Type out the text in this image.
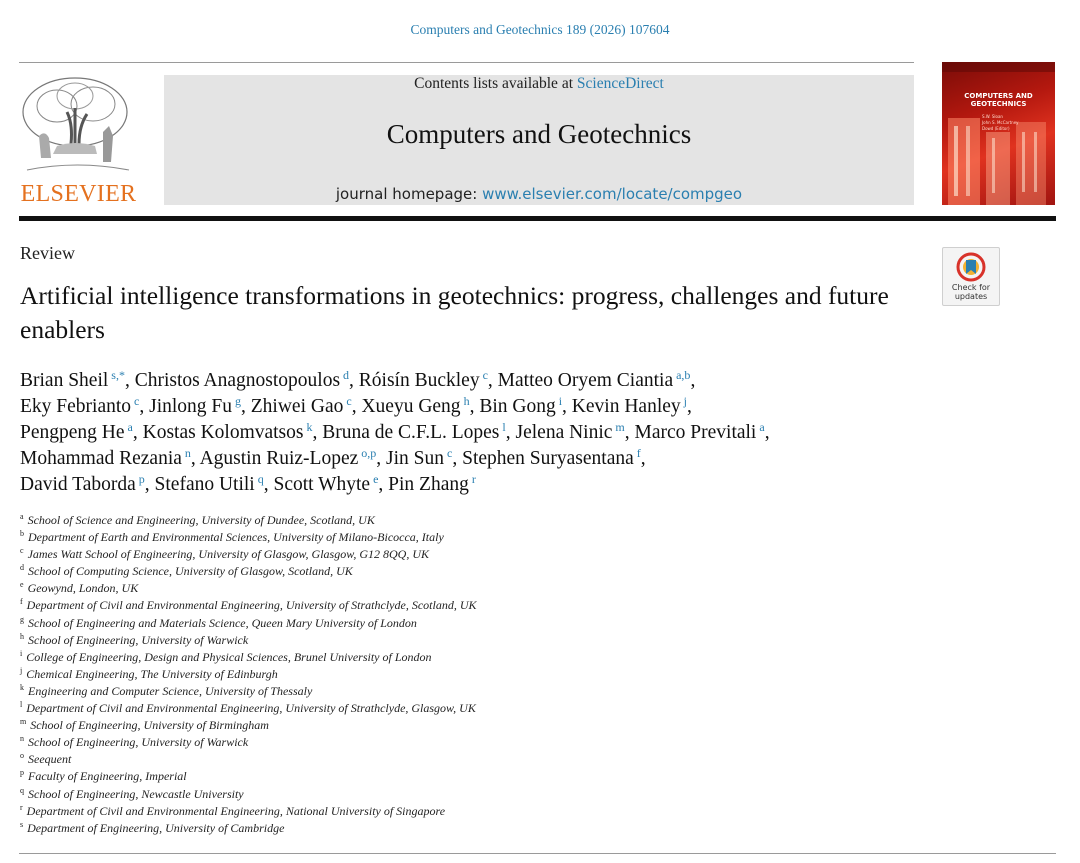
Computers and Geotechnics 189 (2026) 107604
ELSEVIER
Contents lists available at ScienceDirect
Computers and Geotechnics
journal homepage: www.elsevier.com/locate/compgeo
COMPUTERS AND GEOTECHNICS
S.W. Sloan
John S. McCartney
Dowd (Editor)
Review
Check for
updates
Artificial intelligence transformations in geotechnics: progress, challenges and future enablers
Brian Sheil $^{s,*}$, Christos Anagnostopoulos $^d$, Róisín Buckley $^c$, Matteo Oryem Ciantia $^{a,b}$,
Eky Febrianto $^c$, Jinlong Fu $^g$, Zhiwei Gao $^c$, Xueyu Geng $^h$, Bin Gong $^i$, Kevin Hanley $^j$,
Pengpeng He $^a$, Kostas Kolomvatsos $^k$, Bruna de C.F.L. Lopes $^l$, Jelena Ninic $^m$, Marco Previtali $^a$,
Mohammad Rezania $^n$, Agustin Ruiz-Lopez $^{o,p}$, Jin Sun $^c$, Stephen Suryasentana $^f$,
David Taborda $^p$, Stefano Utili $^q$, Scott Whyte $^e$, Pin Zhang $^r$
$^a$ School of Science and Engineering, University of Dundee, Scotland, UK
$^b$ Department of Earth and Environmental Sciences, University of Milano-Bicocca, Italy
$^c$ James Watt School of Engineering, University of Glasgow, Glasgow, G12 8QQ, UK
$^d$ School of Computing Science, University of Glasgow, Scotland, UK
$^e$ Geowynd, London, UK
$^f$ Department of Civil and Environmental Engineering, University of Strathclyde, Scotland, UK
$^g$ School of Engineering and Materials Science, Queen Mary University of London
$^h$ School of Engineering, University of Warwick
$^i$ College of Engineering, Design and Physical Sciences, Brunel University of London
$^j$ Chemical Engineering, The University of Edinburgh
$^k$ Engineering and Computer Science, University of Thessaly
$^l$ Department of Civil and Environmental Engineering, University of Strathclyde, Glasgow, UK
$^m$ School of Engineering, University of Birmingham
$^n$ School of Engineering, University of Warwick
$^o$ Seequent
$^p$ Faculty of Engineering, Imperial
$^q$ School of Engineering, Newcastle University
$^r$ Department of Civil and Environmental Engineering, National University of Singapore
$^s$ Department of Engineering, University of Cambridge
